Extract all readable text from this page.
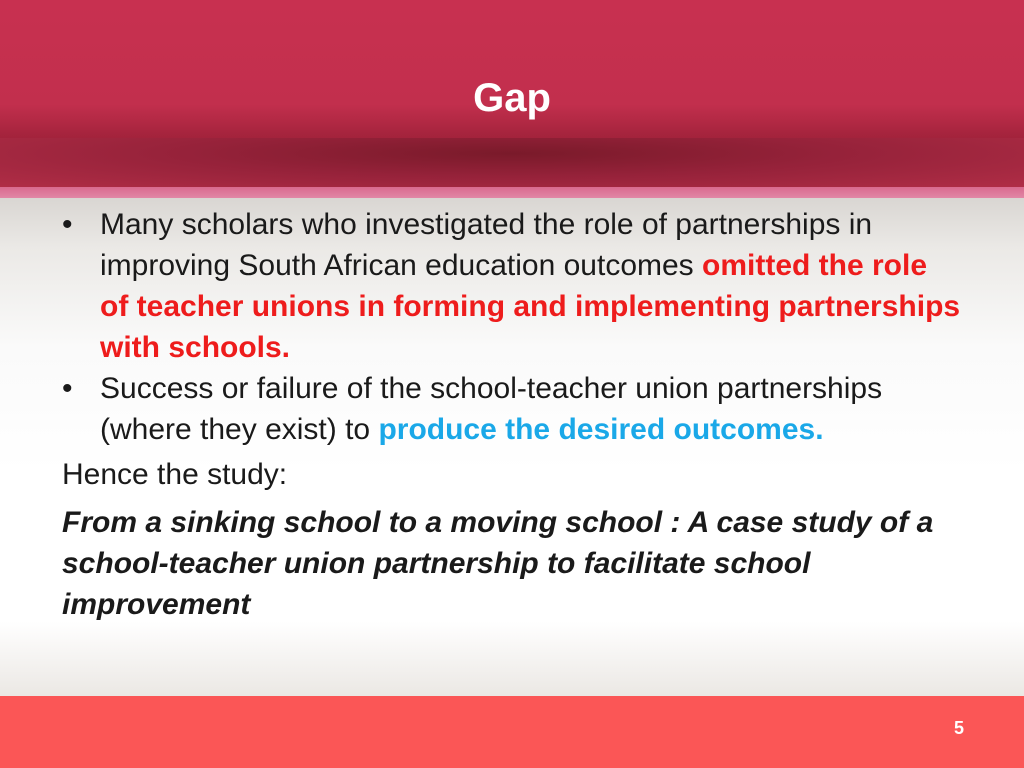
Gap
• Many scholars who investigated the role of partnerships in improving South African education outcomes omitted the role of teacher unions in forming and implementing partnerships with schools.
• Success or failure of the school-teacher union partnerships (where they exist) to produce the desired outcomes.
Hence the study:
From a sinking school to a moving school : A case study of a school-teacher union partnership to facilitate school improvement
5
